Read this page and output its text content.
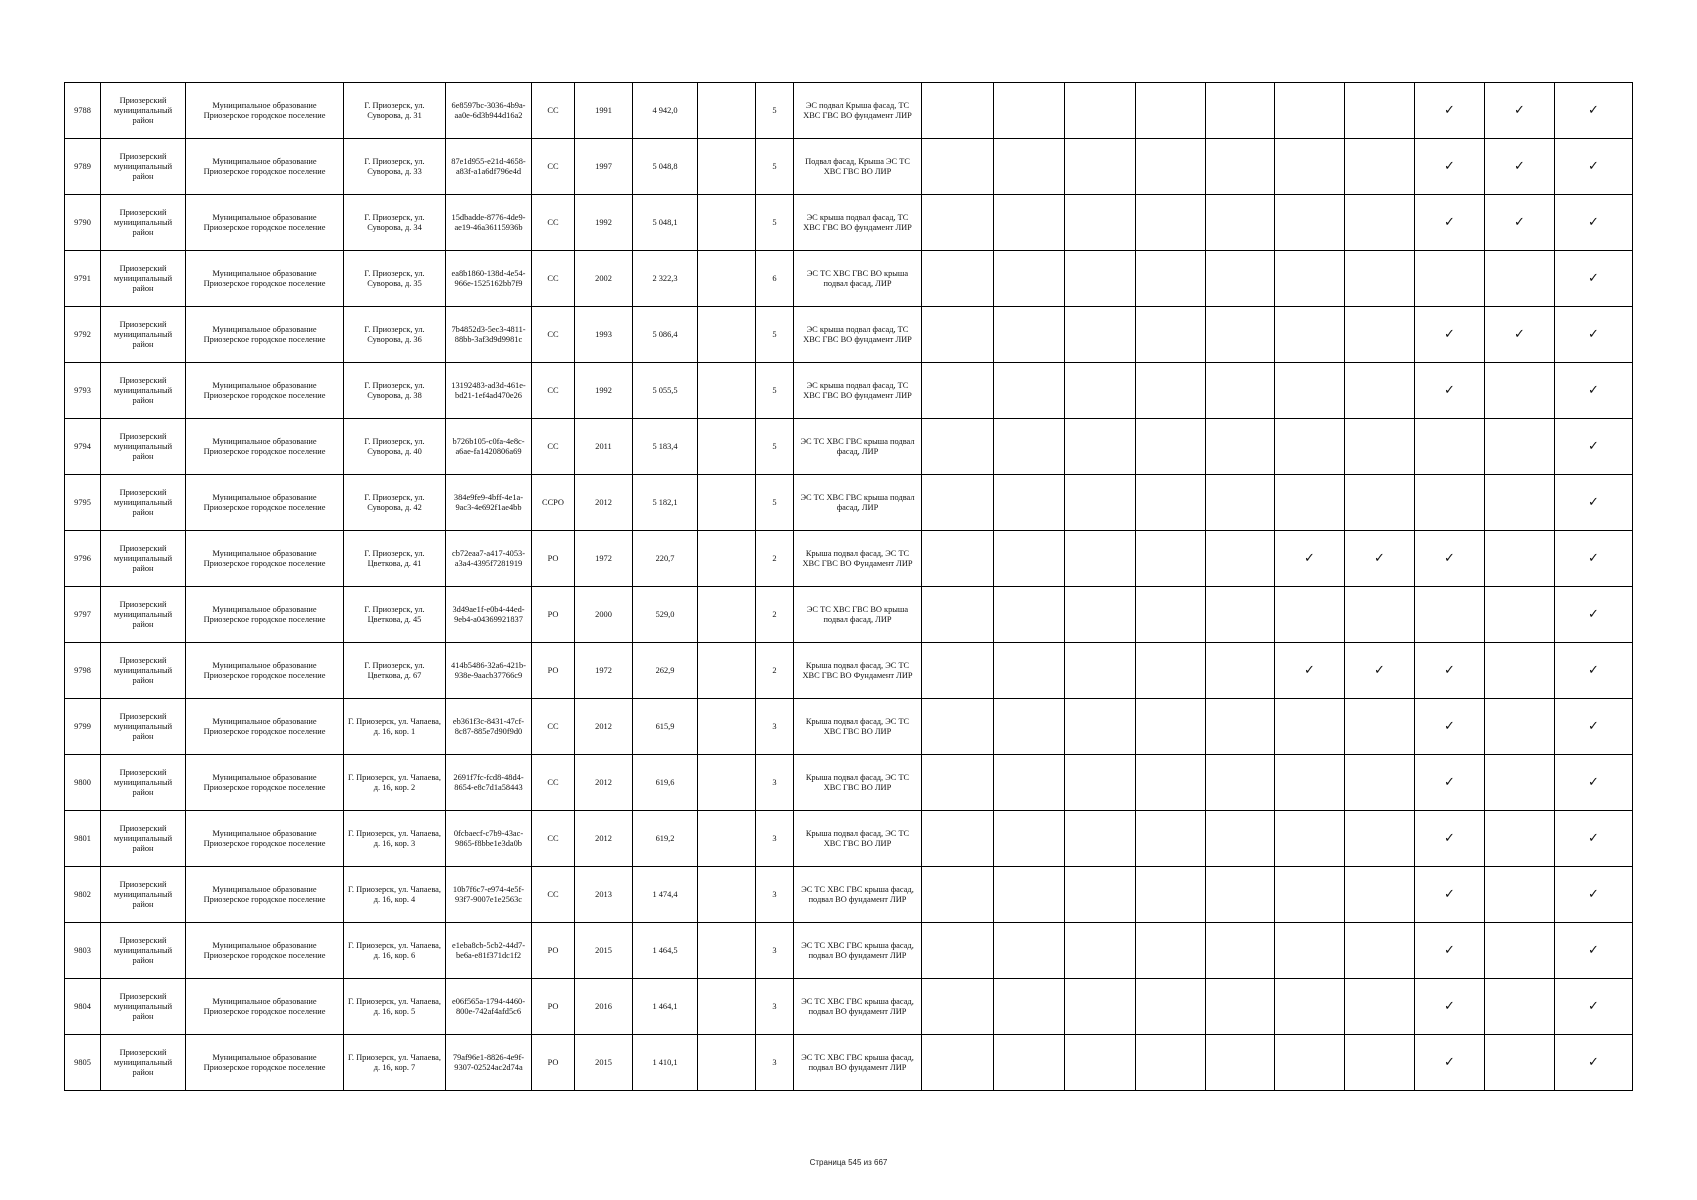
9788	Приозерский муниципальный район	Муниципальное образование Приозерское городское поселение	Г. Приозерск, ул. Суворова, д. 31	6e8597bc-3036-4b9a-aa0e-6d3b944d16a2	СС	1991	4 942,0		5	ЭС подвал Крыша фасад, ТС ХВС ГВС ВО фундамент ЛИР								✓	✓	✓
9789	Приозерский муниципальный район	Муниципальное образование Приозерское городское поселение	Г. Приозерск, ул. Суворова, д. 33	87e1d955-e21d-4658-a83f-a1a6df796e4d	СС	1997	5 048,8		5	Подвал фасад, Крыша ЭС ТС ХВС ГВС ВО ЛИР								✓	✓	✓
9790	Приозерский муниципальный район	Муниципальное образование Приозерское городское поселение	Г. Приозерск, ул. Суворова, д. 34	15dbadde-8776-4de9-ae19-46a36115936b	СС	1992	5 048,1		5	ЭС крыша подвал фасад, ТС ХВС ГВС ВО фундамент ЛИР								✓	✓	✓
9791	Приозерский муниципальный район	Муниципальное образование Приозерское городское поселение	Г. Приозерск, ул. Суворова, д. 35	ea8b1860-138d-4e54-966e-1525162bb7f9	СС	2002	2 322,3		6	ЭС ТС ХВС ГВС ВО крыша подвал фасад, ЛИР										✓
9792	Приозерский муниципальный район	Муниципальное образование Приозерское городское поселение	Г. Приозерск, ул. Суворова, д. 36	7b4852d3-5ec3-4811-88bb-3af3d9d9981c	СС	1993	5 086,4		5	ЭС крыша подвал фасад, ТС ХВС ГВС ВО фундамент ЛИР								✓	✓	✓
9793	Приозерский муниципальный район	Муниципальное образование Приозерское городское поселение	Г. Приозерск, ул. Суворова, д. 38	13192483-ad3d-461e-bd21-1ef4ad470e26	СС	1992	5 055,5		5	ЭС крыша подвал фасад, ТС ХВС ГВС ВО фундамент ЛИР								✓		✓
9794	Приозерский муниципальный район	Муниципальное образование Приозерское городское поселение	Г. Приозерск, ул. Суворова, д. 40	b726b105-c0fa-4e8c-a6ae-fa1420806a69	СС	2011	5 183,4		5	ЭС ТС ХВС ГВС крыша подвал фасад, ЛИР										✓
9795	Приозерский муниципальный район	Муниципальное образование Приозерское городское поселение	Г. Приозерск, ул. Суворова, д. 42	384e9fe9-4bff-4e1a-9ac3-4e692f1ae4bb	ССРО	2012	5 182,1		5	ЭС ТС ХВС ГВС крыша подвал фасад, ЛИР										✓
9796	Приозерский муниципальный район	Муниципальное образование Приозерское городское поселение	Г. Приозерск, ул. Цветкова, д. 41	cb72eaa7-a417-4053-a3a4-4395f7281919	РО	1972	220,7		2	Крыша подвал фасад, ЭС ТС ХВС ГВС ВО Фундамент ЛИР						✓	✓	✓		✓
9797	Приозерский муниципальный район	Муниципальное образование Приозерское городское поселение	Г. Приозерск, ул. Цветкова, д. 45	3d49ae1f-e0b4-44ed-9eb4-a04369921837	РО	2000	529,0		2	ЭС ТС ХВС ГВС ВО крыша подвал фасад, ЛИР										✓
9798	Приозерский муниципальный район	Муниципальное образование Приозерское городское поселение	Г. Приозерск, ул. Цветкова, д. 67	414b5486-32a6-421b-938e-9aacb37766c9	РО	1972	262,9		2	Крыша подвал фасад, ЭС ТС ХВС ГВС ВО Фундамент ЛИР						✓	✓	✓		✓
9799	Приозерский муниципальный район	Муниципальное образование Приозерское городское поселение	Г. Приозерск, ул. Чапаева, д. 16, кор. 1	eb361f3c-8431-47cf-8c87-885e7d90f9d0	СС	2012	615,9		3	Крыша подвал фасад, ЭС ТС ХВС ГВС ВО ЛИР								✓		✓
9800	Приозерский муниципальный район	Муниципальное образование Приозерское городское поселение	Г. Приозерск, ул. Чапаева, д. 16, кор. 2	2691f7fc-fcd8-48d4-8654-e8c7d1a58443	СС	2012	619,6		3	Крыша подвал фасад, ЭС ТС ХВС ГВС ВО ЛИР								✓		✓
9801	Приозерский муниципальный район	Муниципальное образование Приозерское городское поселение	Г. Приозерск, ул. Чапаева, д. 16, кор. 3	0fcbaecf-c7b9-43ac-9865-f8bbe1e3da0b	СС	2012	619,2		3	Крыша подвал фасад, ЭС ТС ХВС ГВС ВО ЛИР								✓		✓
9802	Приозерский муниципальный район	Муниципальное образование Приозерское городское поселение	Г. Приозерск, ул. Чапаева, д. 16, кор. 4	10b7f6c7-e974-4e5f-93f7-9007e1e2563c	СС	2013	1 474,4		3	ЭС ТС ХВС ГВС крыша фасад, подвал ВО фундамент ЛИР								✓		✓
9803	Приозерский муниципальный район	Муниципальное образование Приозерское городское поселение	Г. Приозерск, ул. Чапаева, д. 16, кор. 6	e1eba8cb-5cb2-44d7-be6a-e81f371dc1f2	РО	2015	1 464,5		3	ЭС ТС ХВС ГВС крыша фасад, подвал ВО фундамент ЛИР								✓		✓
9804	Приозерский муниципальный район	Муниципальное образование Приозерское городское поселение	Г. Приозерск, ул. Чапаева, д. 16, кор. 5	e06f565a-1794-4460-800e-742af4afd5c6	РО	2016	1 464,1		3	ЭС ТС ХВС ГВС крыша фасад, подвал ВО фундамент ЛИР								✓		✓
9805	Приозерский муниципальный район	Муниципальное образование Приозерское городское поселение	Г. Приозерск, ул. Чапаева, д. 16, кор. 7	79af96e1-8826-4e9f-9307-02524ac2d74a	РО	2015	1 410,1		3	ЭС ТС ХВС ГВС крыша фасад, подвал ВО фундамент ЛИР								✓		✓
Страница 545 из 667
